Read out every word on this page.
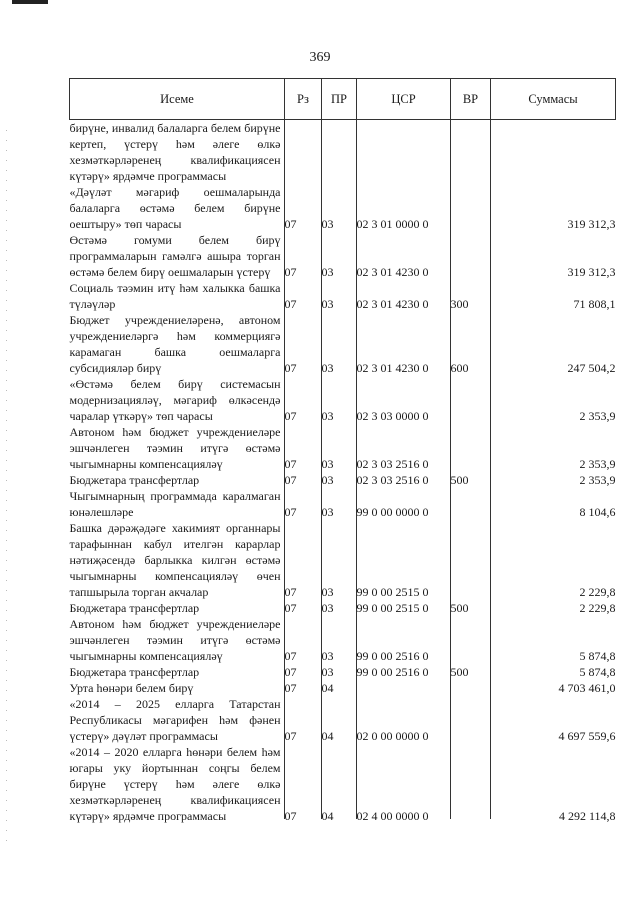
369
Исеме	Рз	ПР	ЦСР	ВР	Суммасы
бирүне, инвалид балаларга белем бирүне кертеп, үстерү һәм әлеге өлкә хезмәткәрләренең квалификациясен күтәрү» ярдәмче программасы					
«Дәүләт мәгариф оешмаларында балаларга өстәмә белем бирүне оештыру» төп чарасы	07	03	02 3 01 0000 0		319 312,3
Өстәмә гомуми белем бирү программаларын гамәлгә ашыра торган өстәмә белем бирү оешмаларын үстерү	07	03	02 3 01 4230 0		319 312,3
Социаль тәэмин итү һәм халыкка башка түләүләр	07	03	02 3 01 4230 0	300	71 808,1
Бюджет учреждениеләренә, автоном учреждениеләргә һәм коммерциягә карамаган башка оешмаларга субсидияләр бирү	07	03	02 3 01 4230 0	600	247 504,2
«Өстәмә белем бирү системасын модернизацияләү, мәгариф өлкәсендә чаралар үткәрү» төп чарасы	07	03	02 3 03 0000 0		2 353,9
Автоном һәм бюджет учреждениеләре эшчәнлеген тәэмин итүгә өстәмә чыгымнарны компенсацияләү	07	03	02 3 03 2516 0		2 353,9
Бюджетара трансфертлар	07	03	02 3 03 2516 0	500	2 353,9
Чыгымнарның программада каралмаган юнәлешләре	07	03	99 0 00 0000 0		8 104,6
Башка дәрәҗәдәге хакимият органнары тарафыннан кабул ителгән карарлар нәтиҗәсендә барлыкка килгән өстәмә чыгымнарны компенсацияләү өчен тапшырыла торган акчалар	07	03	99 0 00 2515 0		2 229,8
Бюджетара трансфертлар	07	03	99 0 00 2515 0	500	2 229,8
Автоном һәм бюджет учреждениеләре эшчәнлеген тәэмин итүгә өстәмә чыгымнарны компенсацияләү	07	03	99 0 00 2516 0		5 874,8
Бюджетара трансфертлар	07	03	99 0 00 2516 0	500	5 874,8
Урта һөнәри белем бирү	07	04			4 703 461,0
«2014 – 2025 елларга Татарстан Республикасы мәгарифен һәм фәнен үстерү» дәүләт программасы	07	04	02 0 00 0000 0		4 697 559,6
«2014 – 2020 елларга һөнәри белем һәм югары уку йортыннан соңгы белем бирүне үстерү һәм әлеге өлкә хезмәткәрләренең квалификациясен күтәрү» ярдәмче программасы	07	04	02 4 00 0000 0		4 292 114,8
